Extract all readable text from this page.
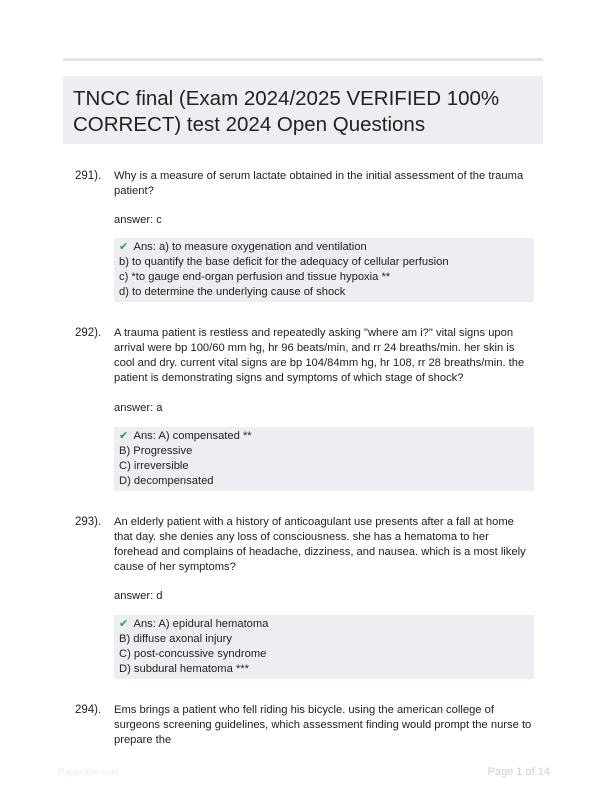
TNCC final (Exam 2024/2025 VERIFIED 100% CORRECT) test 2024 Open Questions
291). Why is a measure of serum lactate obtained in the initial assessment of the trauma patient?

answer: c
✔ Ans: a) to measure oxygenation and ventilation
b) to quantify the base deficit for the adequacy of cellular perfusion
c) *to gauge end-organ perfusion and tissue hypoxia **
d) to determine the underlying cause of shock
292). A trauma patient is restless and repeatedly asking "where am i?" vital signs upon arrival were bp 100/60 mm hg, hr 96 beats/min, and rr 24 breaths/min. her skin is cool and dry. current vital signs are bp 104/84mm hg, hr 108, rr 28 breaths/min. the patient is demonstrating signs and symptoms of which stage of shock?

answer: a
✔ Ans: A) compensated **
B) Progressive
C) irreversible
D) decompensated
293). An elderly patient with a history of anticoagulant use presents after a fall at home that day. she denies any loss of consciousness. she has a hematoma to her forehead and complains of headache, dizziness, and nausea. which is a most likely cause of her symptoms?

answer: d
✔ Ans: A) epidural hematoma
B) diffuse axonal injury
C) post-concussive syndrome
D) subdural hematoma ***
294). Ems brings a patient who fell riding his bicycle. using the american college of surgeons screening guidelines, which assessment finding would prompt the nurse to prepare the

Paper9bc.com	Page 1 of 14
